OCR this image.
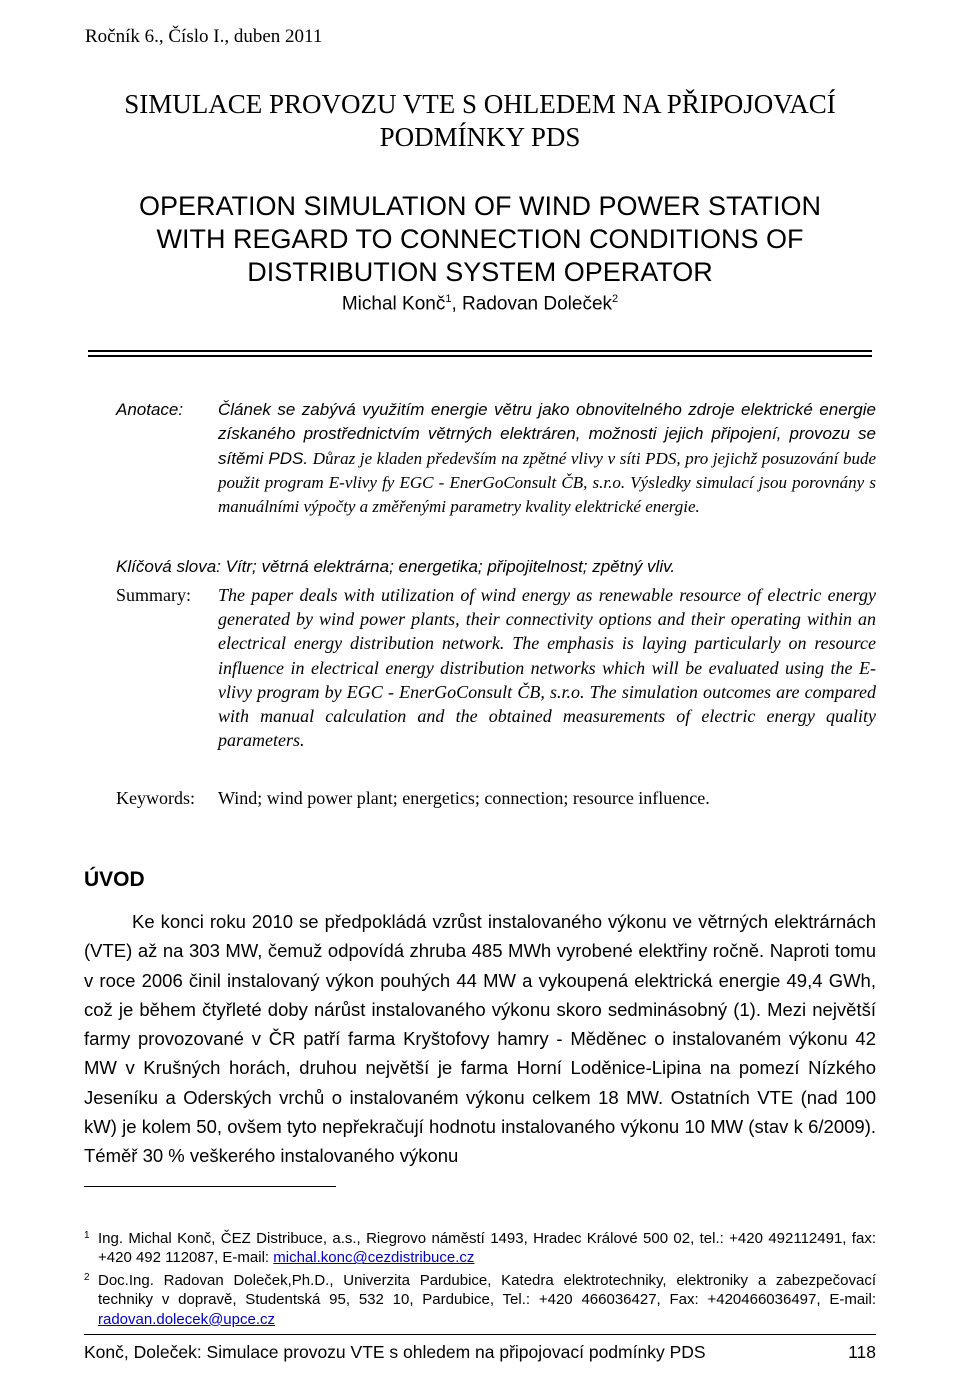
Ročník 6., Číslo I., duben 2011
SIMULACE PROVOZU VTE S OHLEDEM NA PŘIPOJOVACÍ
PODMÍNKY PDS
OPERATION SIMULATION OF WIND POWER STATION
WITH REGARD TO CONNECTION CONDITIONS OF
DISTRIBUTION SYSTEM OPERATOR
Michal Konč$^1$, Radovan Doleček$^2$
Anotace:	Článek se zabývá využitím energie větru jako obnovitelného zdroje elektrické energie získaného prostřednictvím větrných elektráren, možnosti jejich připojení, provozu se sítěmi PDS. Důraz je kladen především na zpětné vlivy v síti PDS, pro jejichž posuzování bude použit program E-vlivy fy EGC - EnerGoConsult ČB, s.r.o. Výsledky simulací jsou porovnány s manuálními výpočty a změřenými parametry kvality elektrické energie.
Klíčová slova: Vítr; větrná elektrárna; energetika; připojitelnost; zpětný vliv.
Summary:	The paper deals with utilization of wind energy as renewable resource of electric energy generated by wind power plants, their connectivity options and their operating within an electrical energy distribution network. The emphasis is laying particularly on resource influence in electrical energy distribution networks which will be evaluated using the E-vlivy program by EGC - EnerGoConsult ČB, s.r.o. The simulation outcomes are compared with manual calculation and the obtained measurements of electric energy quality parameters.
Keywords:	Wind; wind power plant; energetics; connection; resource influence.
ÚVOD
Ke konci roku 2010 se předpokládá vzrůst instalovaného výkonu ve větrných elektrárnách (VTE) až na 303 MW, čemuž odpovídá zhruba 485 MWh vyrobené elektřiny ročně. Naproti tomu v roce 2006 činil instalovaný výkon pouhých 44 MW a vykoupená elektrická energie 49,4 GWh, což je během čtyřleté doby nárůst instalovaného výkonu skoro sedminásobný (1). Mezi největší farmy provozované v ČR patří farma Kryštofovy hamry - Měděnec o instalovaném výkonu 42 MW v Krušných horách, druhou největší je farma Horní Loděnice-Lipina na pomezí Nízkého Jeseníku a Oderských vrchů o instalovaném výkonu celkem 18 MW. Ostatních VTE (nad 100 kW) je kolem 50, ovšem tyto nepřekračují hodnotu instalovaného výkonu 10 MW (stav k 6/2009). Téměř 30 % veškerého instalovaného výkonu
1 Ing. Michal Konč, ČEZ Distribuce, a.s., Riegrovo náměstí 1493, Hradec Králové 500 02, tel.: +420 492112491, fax: +420 492 112087, E-mail: michal.konc@cezdistribuce.cz
2 Doc.Ing. Radovan Doleček,Ph.D., Univerzita Pardubice, Katedra elektrotechniky, elektroniky a zabezpečovací techniky v dopravě, Studentská 95, 532 10, Pardubice, Tel.: +420 466036427, Fax: +420466036497, E-mail: radovan.dolecek@upce.cz
Konč, Doleček: Simulace provozu VTE s ohledem na připojovací podmínky PDS	118
